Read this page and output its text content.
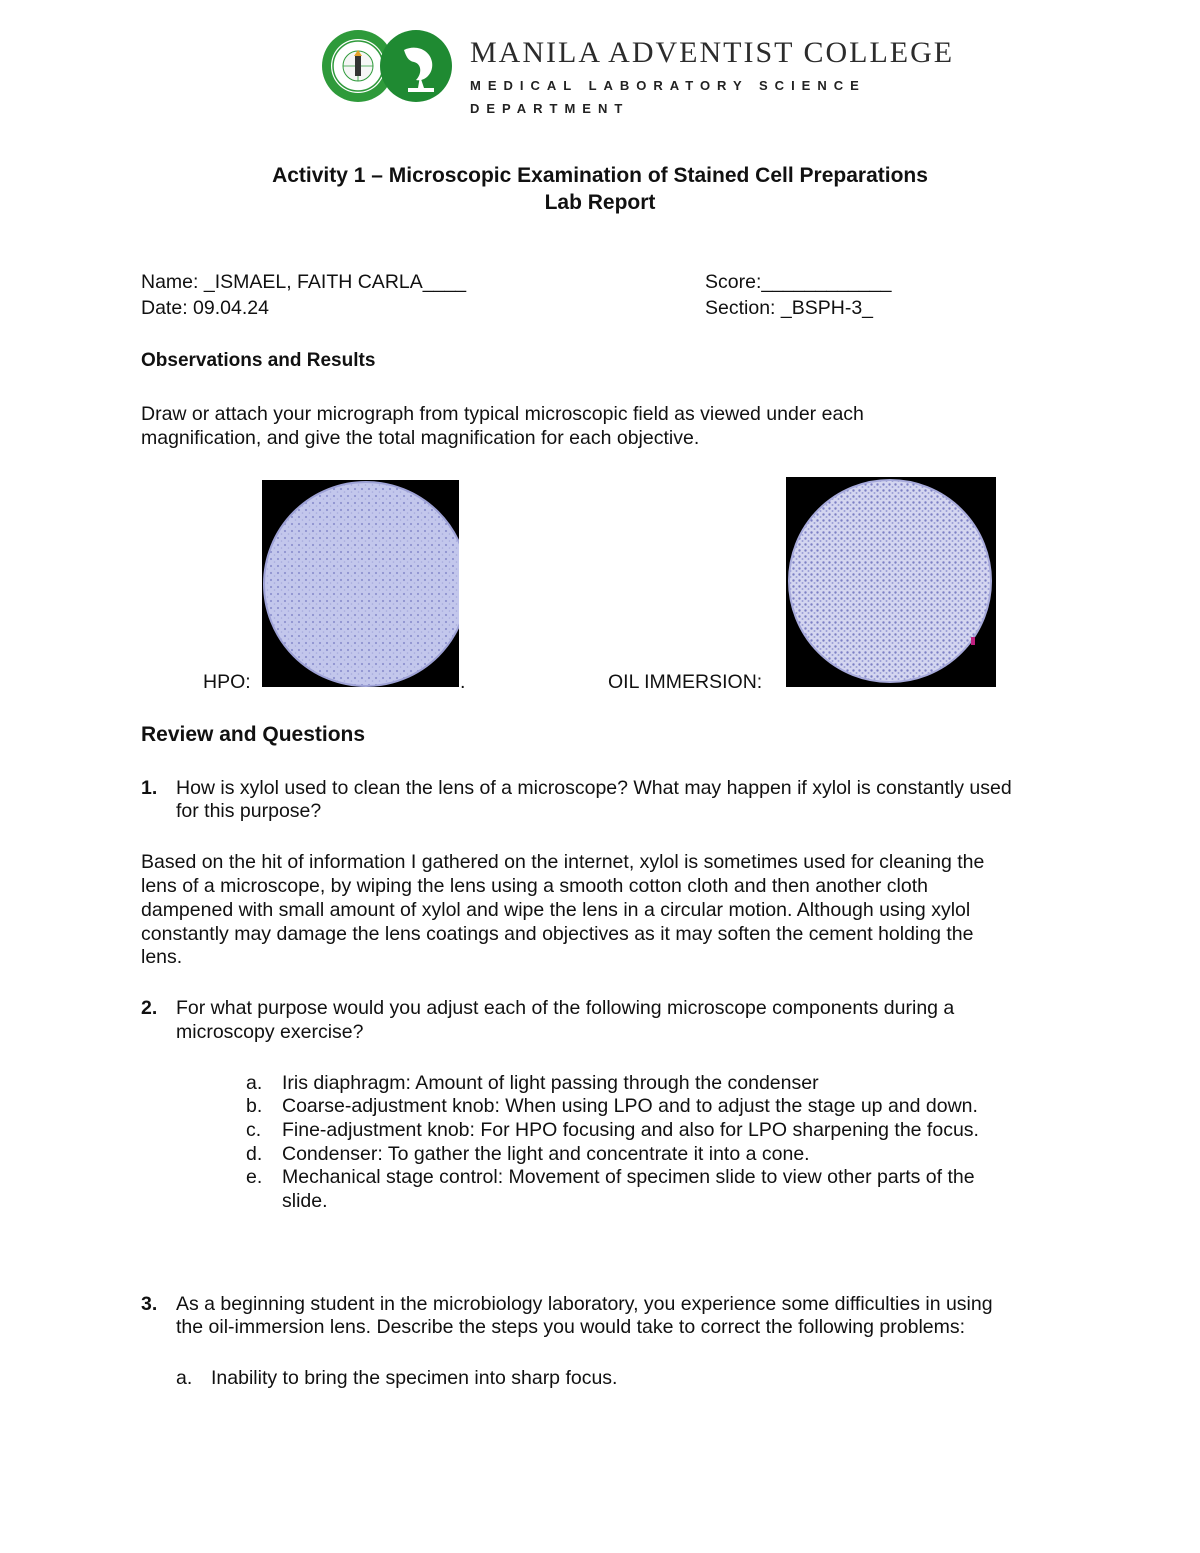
MANILA ADVENTIST COLLEGE
MEDICAL LABORATORY SCIENCE
DEPARTMENT
Activity 1 – Microscopic Examination of Stained Cell Preparations
Lab Report
Name: _ISMAEL, FAITH CARLA____
Date: 09.04.24
Score:____________
Section: _BSPH-3_
Observations and Results
Draw or attach your micrograph from typical microscopic field as viewed under each
magnification, and give the total magnification for each objective.
HPO:	.	OIL IMMERSION:
Review and Questions
1. How is xylol used to clean the lens of a microscope? What may happen if xylol is constantly used
for this purpose?
Based on the hit of information I gathered on the internet, xylol is sometimes used for cleaning the
lens of a microscope, by wiping the lens using a smooth cotton cloth and then another cloth
dampened with small amount of xylol and wipe the lens in a circular motion. Although using xylol
constantly may damage the lens coatings and objectives as it may soften the cement holding the
lens.
2. For what purpose would you adjust each of the following microscope components during a
microscopy exercise?
a. Iris diaphragm: Amount of light passing through the condenser
b. Coarse-adjustment knob: When using LPO and to adjust the stage up and down.
c. Fine-adjustment knob: For HPO focusing and also for LPO sharpening the focus.
d. Condenser: To gather the light and concentrate it into a cone.
e. Mechanical stage control: Movement of specimen slide to view other parts of the
slide.
3. As a beginning student in the microbiology laboratory, you experience some difficulties in using
the oil-immersion lens. Describe the steps you would take to correct the following problems:
a. Inability to bring the specimen into sharp focus.
